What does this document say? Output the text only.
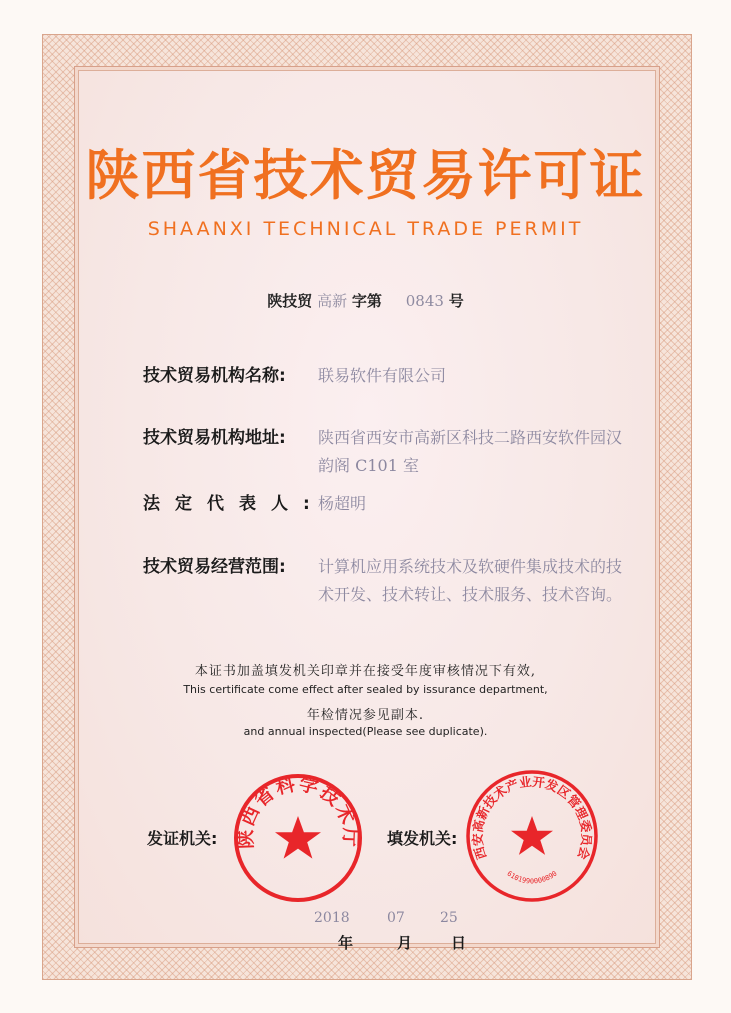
陕西省技术贸易许可证
SHAANXI TECHNICAL TRADE PERMIT
陕技贸 高新 字第 0843 号
技术贸易机构名称:	联易软件有限公司
技术贸易机构地址:	陕西省西安市高新区科技二路西安软件园汉韵阁 C101 室
法定代表人:
杨超明
技术贸易经营范围:	计算机应用系统技术及软硬件集成技术的技术开发、技术转让、技术服务、技术咨询。
本证书加盖填发机关印章并在接受年度审核情况下有效,
This certificate come effect after sealed by issurance department,
年检情况参见副本.
and annual inspected(Please see duplicate).
发证机关:	填发机关:
陕西省科学技术厅
西安高新技术产业开发区管理委员会
6101990000890
2018	07	25
年	月	日
